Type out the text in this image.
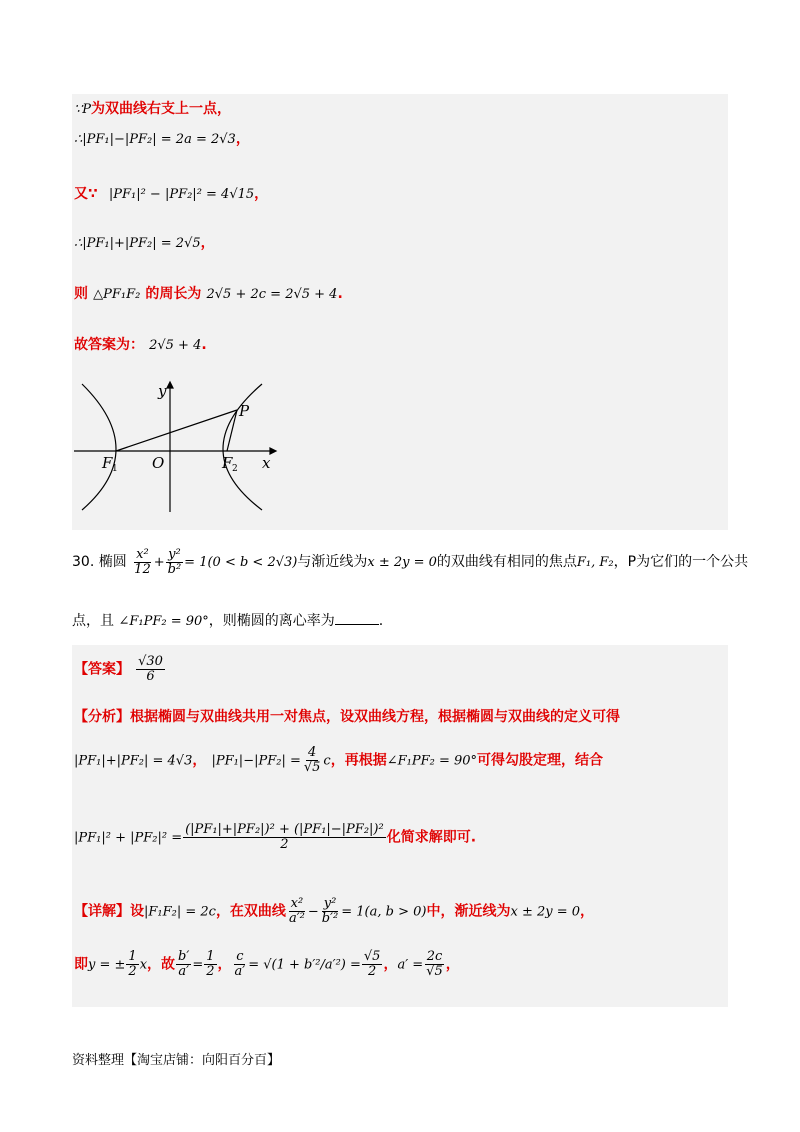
∵P为双曲线右支上一点，
∴|PF₁|−|PF₂| = 2a = 2√3，
又∵ |PF₁|² − |PF₂|² = 4√15，
∴|PF₁|+|PF₂| = 2√5，
则 △PF₁F₂ 的周长为 2√5 + 2c = 2√5 + 4.
故答案为： 2√5 + 4.
y
P
F 1 O	F 2 x
30. 椭圆 $\frac{\text{x²}}{12} + \frac{\text{y²}}{\text{b²}} = 1(0 < b < 2√3)$与渐近线为x ± 2y = 0的双曲线有相同的焦点F₁, F₂，P为它们的一个公共
点，且 ∠F₁PF₂ = 90°，则椭圆的离心率为	.
【答案】 $\frac{√30}{6}$
【分析】根据椭圆与双曲线共用一对焦点，设双曲线方程，根据椭圆与双曲线的定义可得
|PF₁|+|PF₂| = 4√3， $|PF_1|-|PF_2| = \frac{4}{√5}$ c，再根据∠F₁PF₂ = 90°可得勾股定理，结合
$|PF_1|^2 + |PF_2|^2 = \frac{\text{(|PF₁|+|PF₂|)² + (|PF₁|−|PF₂|)²}}{2}$ 化简求解即可.
【详解】设|F₁F₂| = 2c，在双曲线 $\frac{\text{x²}}{\text{a′²}} - \frac{\text{y²}}{\text{b′²}} = 1(a$, b > 0)中，渐近线为x ± 2y = 0，
即y = ± $\frac{1}{2}$ x，故 $\frac{b'}{a'} = \frac{1}{2}$ ， $\frac{c}{a'} = √(1 + b'^2/a'^2) = \frac{√5}{2}$ ，$a' = \frac{2c}{√5}$ ，
资料整理【淘宝店铺：向阳百分百】
